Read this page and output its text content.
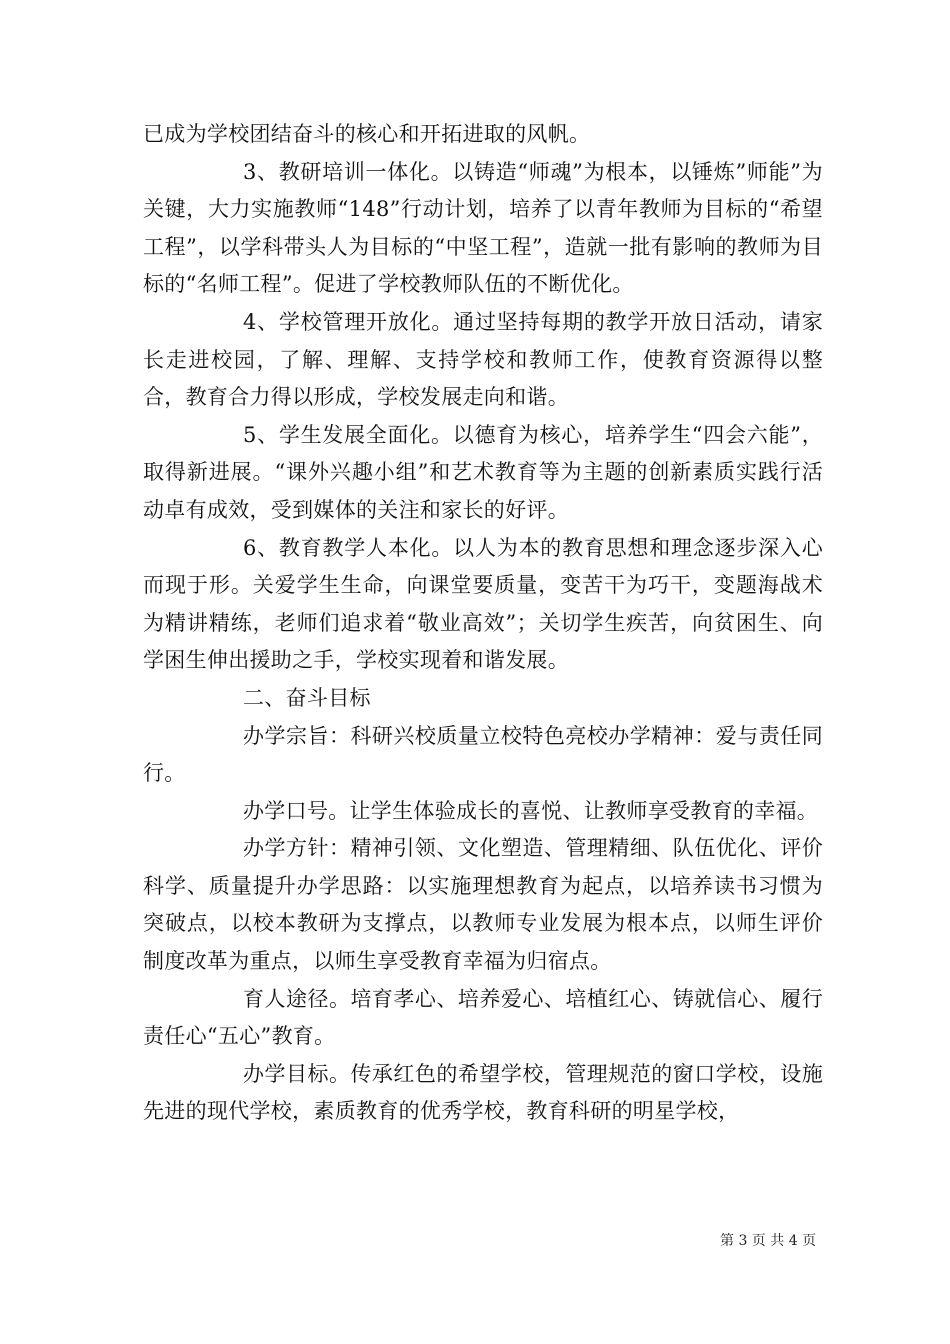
已成为学校团结奋斗的核心和开拓进取的风帆。

3、教研培训一体化。以铸造“师魂”为根本，以锤炼”师能”为关键，大力实施教师“148”行动计划，培养了以青年教师为目标的“希望工程”，以学科带头人为目标的“中坚工程”，造就一批有影响的教师为目标的“名师工程”。促进了学校教师队伍的不断优化。

4、学校管理开放化。通过坚持每期的教学开放日活动，请家长走进校园，了解、理解、支持学校和教师工作，使教育资源得以整合，教育合力得以形成，学校发展走向和谐。

5、学生发展全面化。以德育为核心，培养学生“四会六能”，取得新进展。“课外兴趣小组”和艺术教育等为主题的创新素质实践行活动卓有成效，受到媒体的关注和家长的好评。

6、教育教学人本化。以人为本的教育思想和理念逐步深入心而现于形。关爱学生生命，向课堂要质量，变苦干为巧干，变题海战术为精讲精练，老师们追求着“敬业高效”；关切学生疾苦，向贫困生、向学困生伸出援助之手，学校实现着和谐发展。

二、奋斗目标

办学宗旨：科研兴校质量立校特色亮校办学精神：爱与责任同行。

办学口号。让学生体验成长的喜悦、让教师享受教育的幸福。

办学方针：精神引领、文化塑造、管理精细、队伍优化、评价科学、质量提升办学思路：以实施理想教育为起点，以培养读书习惯为突破点，以校本教研为支撑点，以教师专业发展为根本点，以师生评价制度改革为重点，以师生享受教育幸福为归宿点。

育人途径。培育孝心、培养爱心、培植红心、铸就信心、履行责任心“五心”教育。

办学目标。传承红色的希望学校，管理规范的窗口学校，设施先进的现代学校，素质教育的优秀学校，教育科研的明星学校，

第 3 页 共 4 页
